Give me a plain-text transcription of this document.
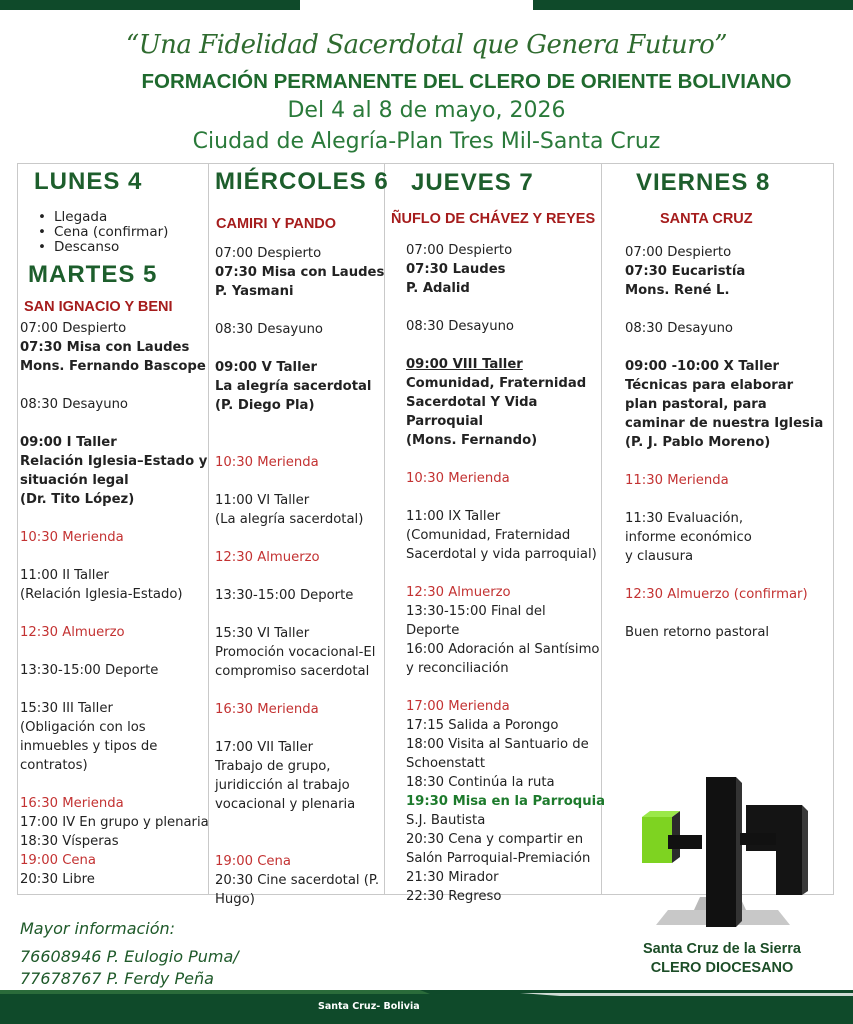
“Una Fidelidad Sacerdotal que Genera Futuro”
FORMACIÓN PERMANENTE DEL CLERO DE ORIENTE BOLIVIANO
Del 4 al 8 de mayo, 2026
Ciudad de Alegría-Plan Tres Mil-Santa Cruz
LUNES 4
• Llegada
• Cena (confirmar)
• Descanso
MARTES 5
SAN IGNACIO Y BENI
07:00 Despierto
07:30 Misa con Laudes
Mons. Fernando Bascope
08:30 Desayuno
09:00 I Taller
Relación Iglesia–Estado y
situación legal
(Dr. Tito López)
10:30 Merienda
11:00 II Taller
(Relación Iglesia-Estado)
12:30 Almuerzo
13:30-15:00 Deporte
15:30 III Taller
(Obligación con los
inmuebles y tipos de
contratos)
16:30 Merienda
17:00 IV En grupo y plenaria
18:30 Vísperas
19:00 Cena
20:30 Libre
MIÉRCOLES 6
CAMIRI Y PANDO
07:00 Despierto
07:30 Misa con Laudes
P. Yasmani
08:30 Desayuno
09:00 V Taller
La alegría sacerdotal
(P. Diego Pla)
10:30 Merienda
11:00 VI Taller
(La alegría sacerdotal)
12:30 Almuerzo
13:30-15:00 Deporte
15:30 VI Taller
Promoción vocacional-El
compromiso sacerdotal
16:30 Merienda
17:00 VII Taller
Trabajo de grupo,
juridicción al trabajo
vocacional y plenaria
19:00 Cena
20:30 Cine sacerdotal (P.
Hugo)
JUEVES 7
ÑUFLO DE CHÁVEZ Y REYES
07:00 Despierto
07:30 Laudes
P. Adalid
08:30 Desayuno
09:00 VIII Taller
Comunidad, Fraternidad
Sacerdotal Y Vida
Parroquial
(Mons. Fernando)
10:30 Merienda
11:00 IX Taller
(Comunidad, Fraternidad
Sacerdotal y vida parroquial)
12:30 Almuerzo
13:30-15:00 Final del
Deporte
16:00 Adoración al Santísimo
y reconciliación
17:00 Merienda
17:15 Salida a Porongo
18:00 Visita al Santuario de
Schoenstatt
18:30 Continúa la ruta
19:30 Misa en la Parroquia
S.J. Bautista
20:30 Cena y compartir en
Salón Parroquial-Premiación
21:30 Mirador
22:30 Regreso
VIERNES 8
SANTA CRUZ
07:00 Despierto
07:30 Eucaristía
Mons. René L.
08:30 Desayuno
09:00 -10:00 X Taller
Técnicas para elaborar
plan pastoral, para
caminar de nuestra Iglesia
(P. J. Pablo Moreno)
11:30 Merienda
11:30 Evaluación,
informe económico
y clausura
12:30 Almuerzo (confirmar)
Buen retorno pastoral
Santa Cruz de la Sierra
CLERO DIOCESANO
Mayor información:
76608946 P. Eulogio Puma/
77678767 P. Ferdy Peña
Santa Cruz- Bolivia
